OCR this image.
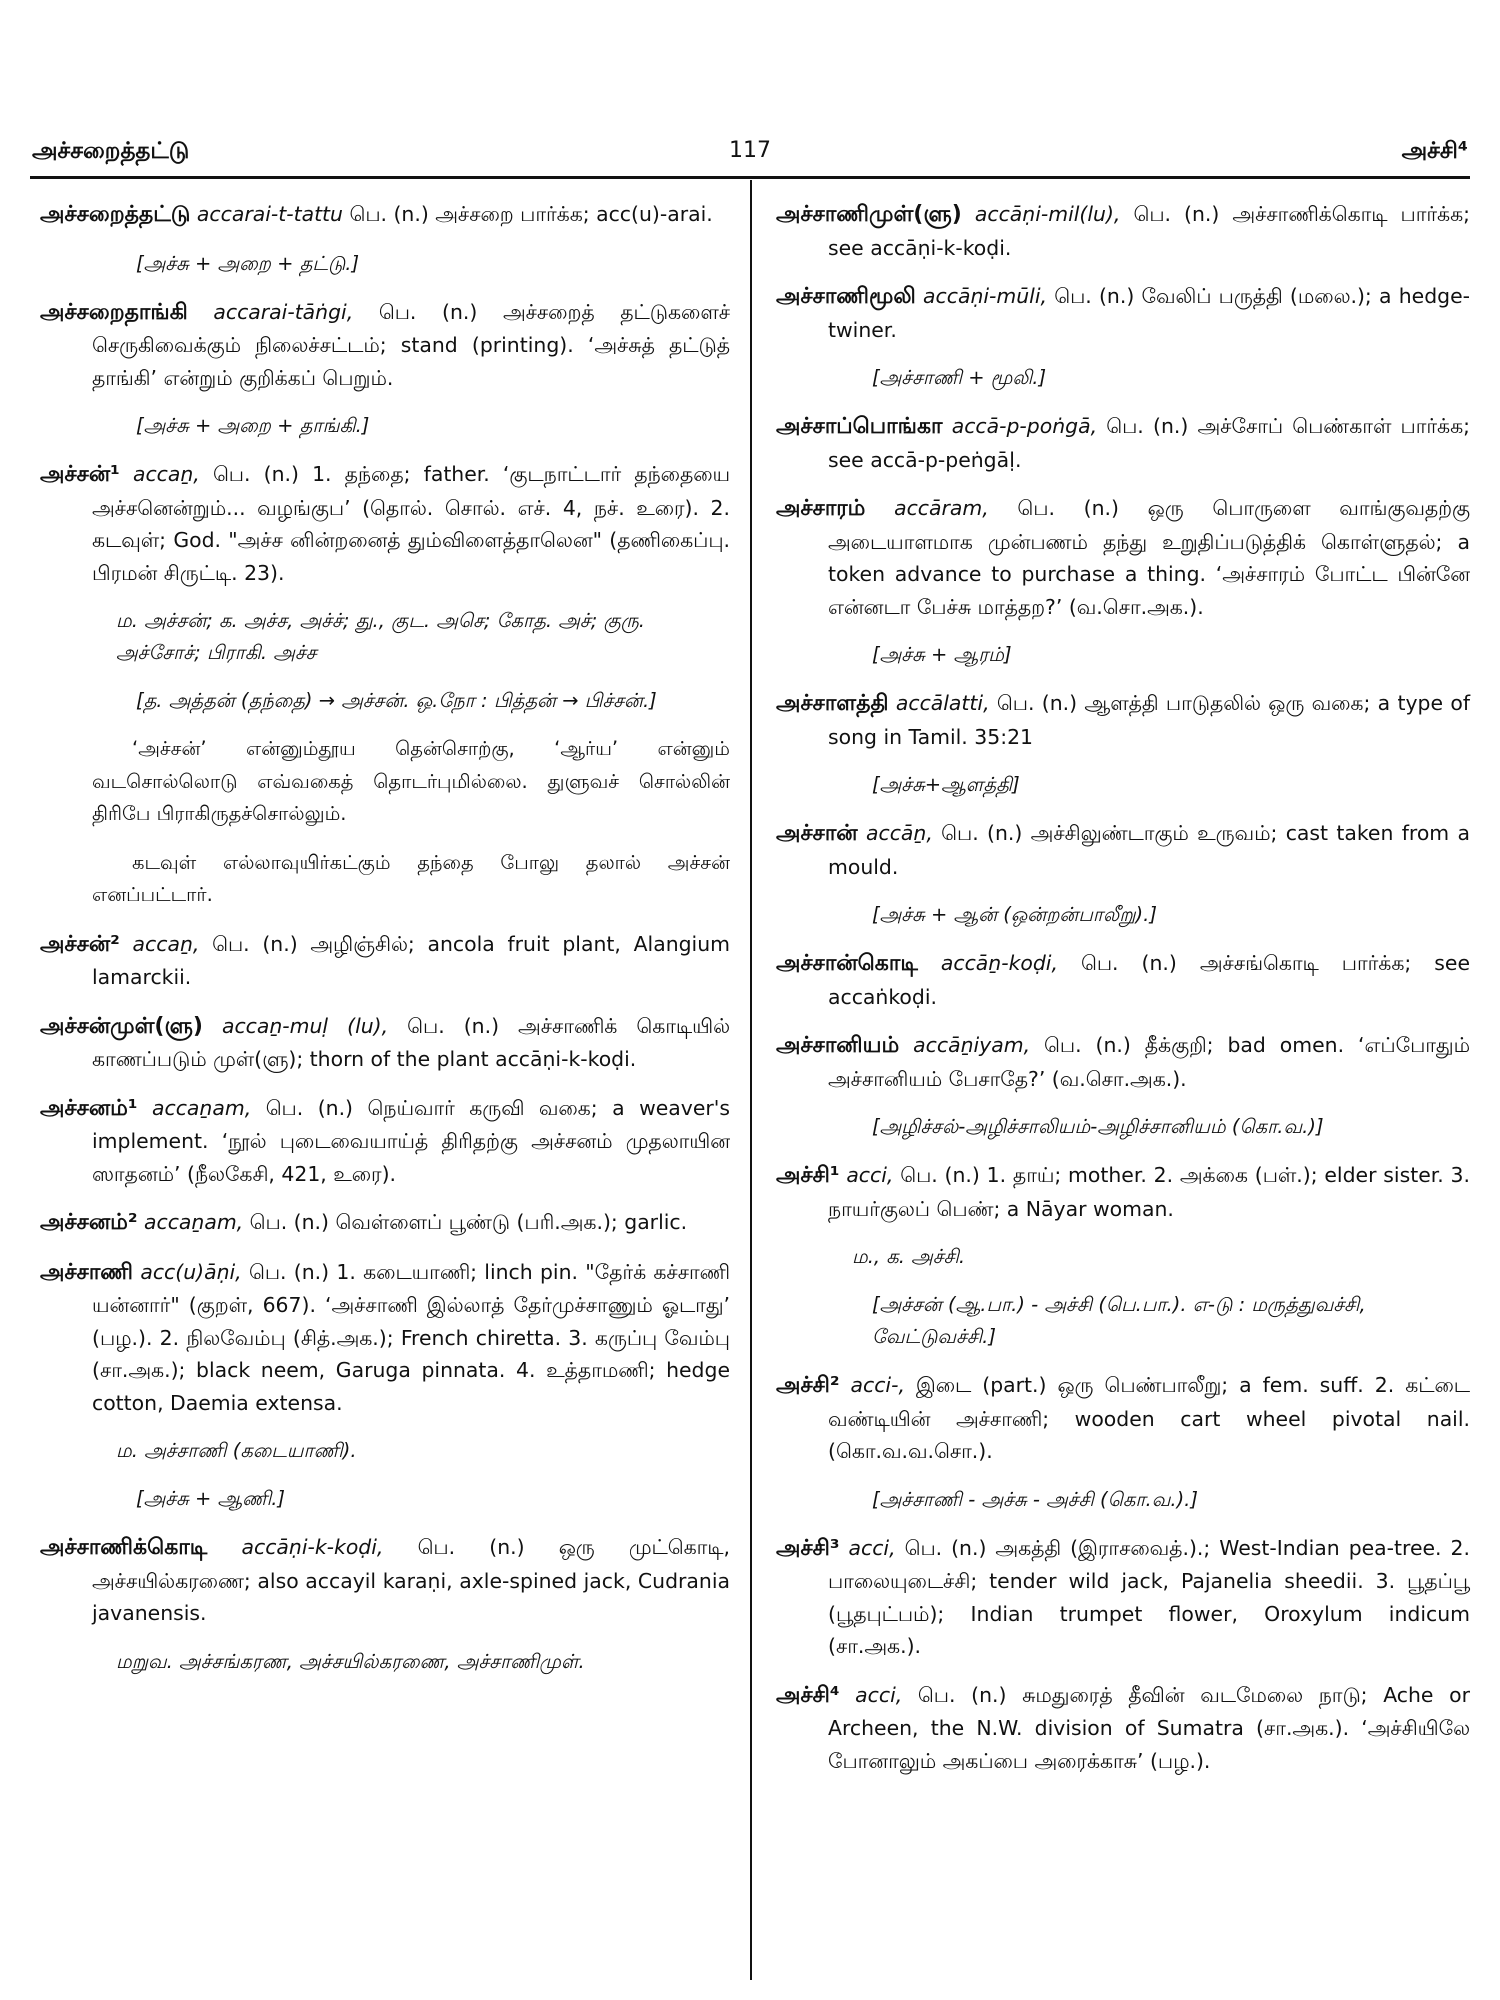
அச்சறைத்தட்டு	117	அச்சி⁴

அச்சறைத்தட்டு accarai-t-tattu பெ. (n.) அச்சறை பார்க்க; acc(u)-arai.

[அச்சு + அறை + தட்டு.]

அச்சறைதாங்கி accarai-tāṅgi, பெ. (n.) அச்சறைத் தட்டுகளைச் செருகிவைக்கும் நிலைச்சட்டம்; stand (printing). ‘அச்சுத் தட்டுத் தாங்கி’ என்றும் குறிக்கப் பெறும்.

[அச்சு + அறை + தாங்கி.]

அச்சன்¹ accaṉ, பெ. (n.) 1. தந்தை; father. ‘குடநாட்டார் தந்தையை அச்சனென்றும்... வழங்குப’ (தொல். சொல். எச். 4, நச். உரை). 2. கடவுள்; God. "அச்ச னின்றனைத் தும்விளைத்தாலென" (தணிகைப்பு. பிரமன் சிருட்டி. 23).

ம. அச்சன்; க. அச்ச, அச்ச்; து., குட. அசெ; கோத. அச்; குரு. அச்சோச்; பிராகி. அச்ச
[த. அத்தன் (தந்தை) → அச்சன். ஒ.நோ : பித்தன் → பிச்சன்.]

‘அச்சன்’ என்னும்தூய தென்சொற்கு, ‘ஆர்ய’ என்னும் வடசொல்லொடு எவ்வகைத் தொடர்புமில்லை. துளுவச் சொல்லின் திரிபே பிராகிருதச்சொல்லும்.

கடவுள் எல்லாவுயிர்கட்கும் தந்தை போலு தலால் அச்சன் எனப்பட்டார்.

அச்சன்² accaṉ, பெ. (n.) அழிஞ்சில்; ancola fruit plant, Alangium lamarckii.

அச்சன்முள்(ளு) accaṉ-muḷ (lu), பெ. (n.) அச்சாணிக் கொடியில் காணப்படும் முள்(ளு); thorn of the plant accāṇi-k-koḍi.

அச்சனம்¹ accaṉam, பெ. (n.) நெய்வார் கருவி வகை; a weaver's implement. ‘நூல் புடைவையாய்த் திரிதற்கு அச்சனம் முதலாயின ஸாதனம்’ (நீலகேசி, 421, உரை).

அச்சனம்² accaṉam, பெ. (n.) வெள்ளைப் பூண்டு (பரி.அக.); garlic.

அச்சாணி acc(u)āṇi, பெ. (n.) 1. கடையாணி; linch pin. "தேர்க் கச்சாணி யன்னார்" (குறள், 667). ‘அச்சாணி இல்லாத் தேர்முச்சாணும் ஓடாது’ (பழ.). 2. நிலவேம்பு (சித்.அக.); French chiretta. 3. கருப்பு வேம்பு (சா.அக.); black neem, Garuga pinnata. 4. உத்தாமணி; hedge cotton, Daemia extensa.

ம. அச்சாணி (கடையாணி).
[அச்சு + ஆணி.]

அச்சாணிக்கொடி accāṇi-k-koḍi, பெ. (n.) ஒரு முட்கொடி, அச்சயில்கரணை; also accayil karaṇi, axle-spined jack, Cudrania javanensis.

மறுவ. அச்சங்கரண, அச்சயில்கரணை, அச்சாணிமுள்.

அச்சாணிமுள்(ளு) accāṇi-mil(lu), பெ. (n.) அச்சாணிக்கொடி பார்க்க; see accāṇi-k-koḍi.

அச்சாணிமூலி accāṇi-mūli, பெ. (n.) வேலிப் பருத்தி (மலை.); a hedge-twiner.

[அச்சாணி + மூலி.]

அச்சாப்பொங்கா accā-p-poṅgā, பெ. (n.) அச்சோப் பெண்காள் பார்க்க; see accā-p-peṅgāḷ.

அச்சாரம் accāram, பெ. (n.) ஒரு பொருளை வாங்குவதற்கு அடையாளமாக முன்பணம் தந்து உறுதிப்படுத்திக் கொள்ளுதல்; a token advance to purchase a thing. ‘அச்சாரம் போட்ட பின்னே என்னடா பேச்சு மாத்தற?’ (வ.சொ.அக.).

[அச்சு + ஆரம்]

அச்சாளத்தி accālatti, பெ. (n.) ஆளத்தி பாடுதலில் ஒரு வகை; a type of song in Tamil. 35:21

[அச்சு+ஆளத்தி]

அச்சான் accāṉ, பெ. (n.) அச்சிலுண்டாகும் உருவம்; cast taken from a mould.

[அச்சு + ஆன் (ஒன்றன்பாலீறு).]

அச்சான்கொடி accāṉ-koḍi, பெ. (n.) அச்சங்கொடி பார்க்க; see accaṅkoḍi.

அச்சானியம் accāṉiyam, பெ. (n.) தீக்குறி; bad omen. ‘எப்போதும் அச்சானியம் பேசாதே?’ (வ.சொ.அக.).

[அழிச்சல்-அழிச்சாலியம்-அழிச்சானியம் (கொ.வ.)]

அச்சி¹ acci, பெ. (n.) 1. தாய்; mother. 2. அக்கை (பள்.); elder sister. 3. நாயர்குலப் பெண்; a Nāyar woman.

ம., க. அச்சி.
[அச்சன் (ஆ.பா.) - அச்சி (பெ.பா.). எ-டு : மருத்துவச்சி, வேட்டுவச்சி.]

அச்சி² acci-, இடை (part.) ஒரு பெண்பாலீறு; a fem. suff. 2. கட்டை வண்டியின் அச்சாணி; wooden cart wheel pivotal nail. (கொ.வ.வ.சொ.).

[அச்சாணி - அச்சு - அச்சி (கொ.வ.).]

அச்சி³ acci, பெ. (n.) அகத்தி (இராசவைத்.).; West-Indian pea-tree. 2. பாலையுடைச்சி; tender wild jack, Pajanelia sheedii. 3. பூதப்பூ (பூதபுட்பம்); Indian trumpet flower, Oroxylum indicum (சா.அக.).

அச்சி⁴ acci, பெ. (n.) சுமதுரைத் தீவின் வடமேலை நாடு; Ache or Archeen, the N.W. division of Sumatra (சா.அக.). ‘அச்சியிலே போனாலும் அகப்பை அரைக்காசு’ (பழ.).
